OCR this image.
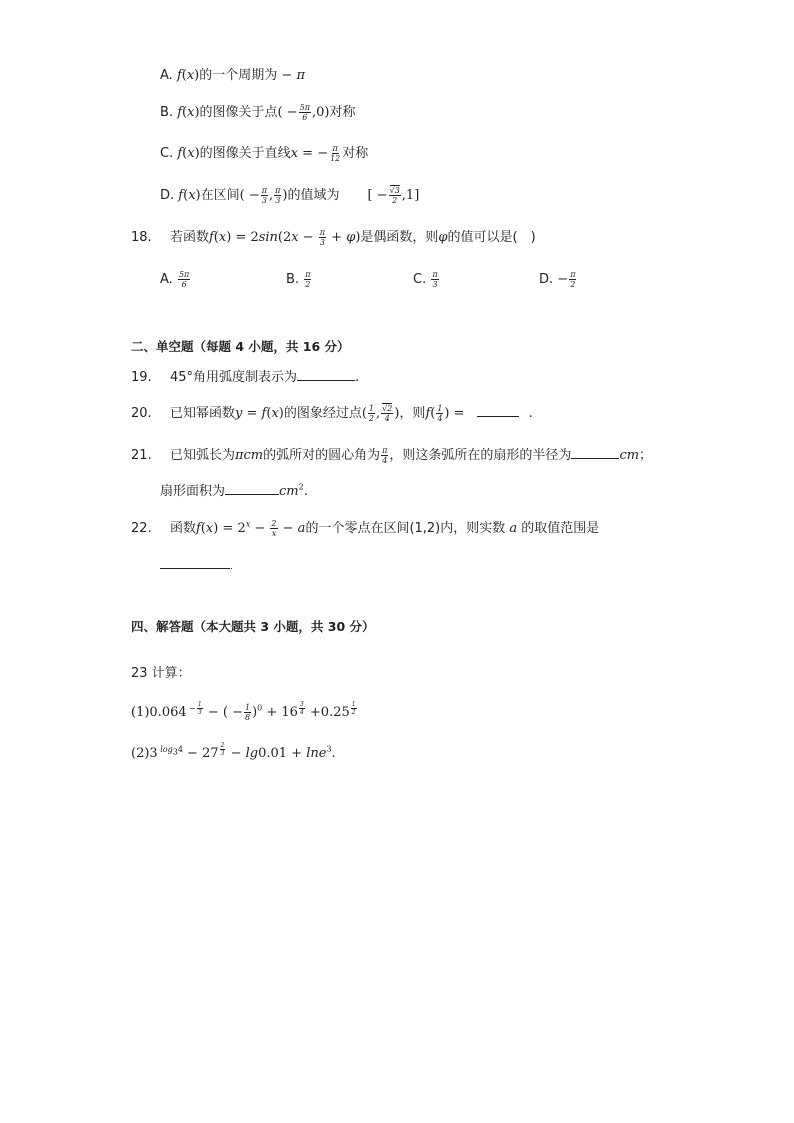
A. f(x)的一个周期为 − π
B. f(x)的图像关于点( − $\frac{5\pi}{6} ,0$)对称
C. f(x)的图像关于直线x = − $\frac{\pi}{12}$ 对称
D. f(x)在区间( − $\frac{\pi}{3}$ , $\frac{\pi}{3}$ )的值域为 [ − $\frac{√3}{2} ,1$]
18. 若函数$f(x) = 2\sin(2x - \frac{\pi}{3} + \varphi)$是偶函数，则φ的值可以是(　)
A. $\frac{5\pi}{6}$	B. $\frac{\pi}{2}$	C. $\frac{\pi}{3}$	D. − $\frac{\pi}{2}$
二、单空题（每题 4 小题，共 16 分）
19. 45°角用弧度制表示为	.
20. 已知幂函数y = f(x)的图象经过点( $\frac{1}{2}$ , $\frac{√2}{4}$ )，则$f( \frac{1}{4}$ ) =	.
21. 已知弧长为πcm的弧所对的圆心角为 $\frac{\pi}{4}$ ，则这条弧所在的扇形的半径为	cm；
扇形面积为	$cm^2$.
22. 函数$f(x) = 2^x - \frac{2}{x} - a$的一个零点在区间(1,2)内，则实数 a 的取值范围是
.
四、解答题（本大题共 3 小题，共 30 分）
23 计算：
(1)0.064 $^{- \frac{1}{3}}$ − ( − $\frac{1}{8} )^0 + 16$ $^{\frac{3}{4}}$ +0.25 $^{\frac{1}{2}}$
(2)3 $^{log_34}$ − 27 $^{\frac{2}{3}}$ − lg0.01 + lne$^3$.
